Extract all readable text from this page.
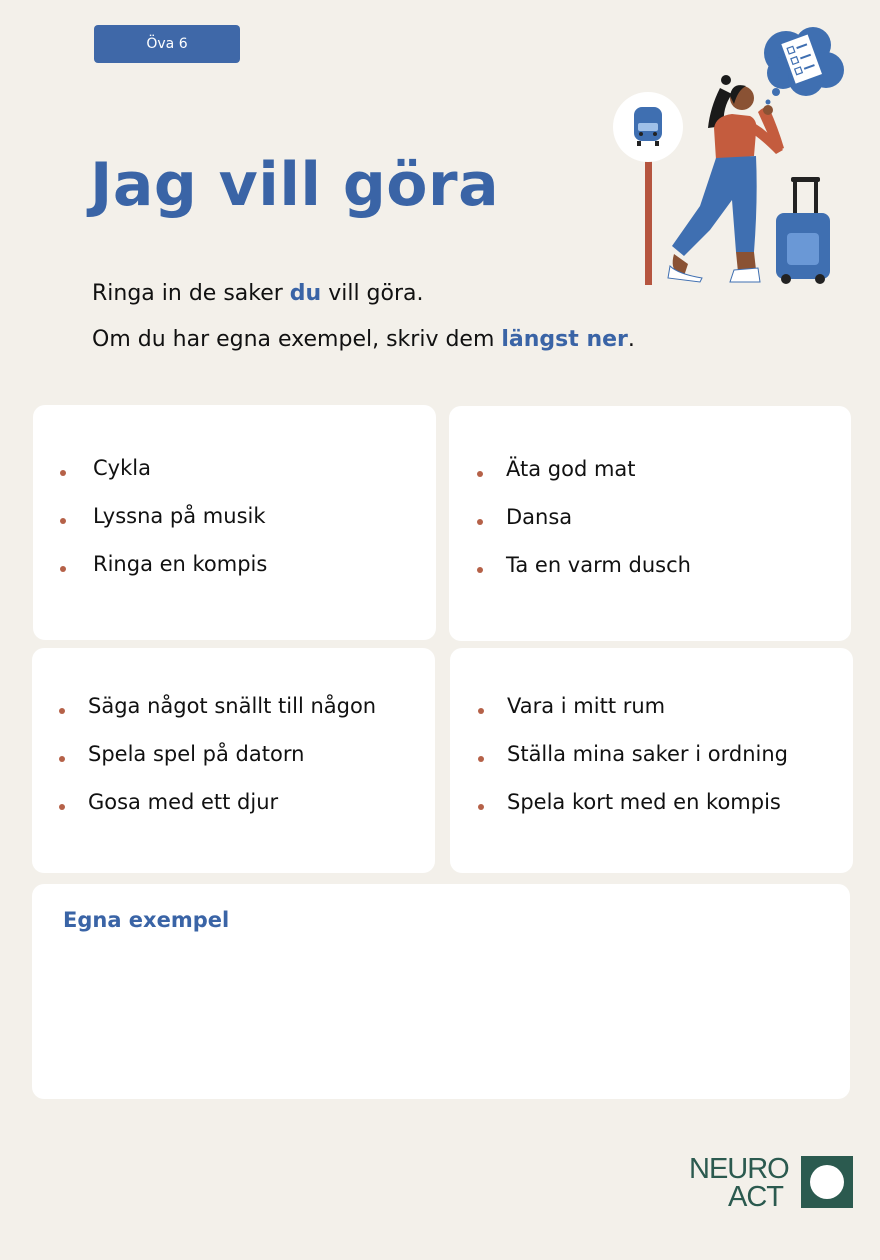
Öva 6
Jag vill göra
Ringa in de saker du vill göra.
Om du har egna exempel, skriv dem längst ner.
Cykla
Lyssna på musik
Ringa en kompis
Äta god mat
Dansa
Ta en varm dusch
Säga något snällt till någon
Spela spel på datorn
Gosa med ett djur
Vara i mitt rum
Ställa mina saker i ordning
Spela kort med en kompis
Egna exempel
NEURO
ACT
